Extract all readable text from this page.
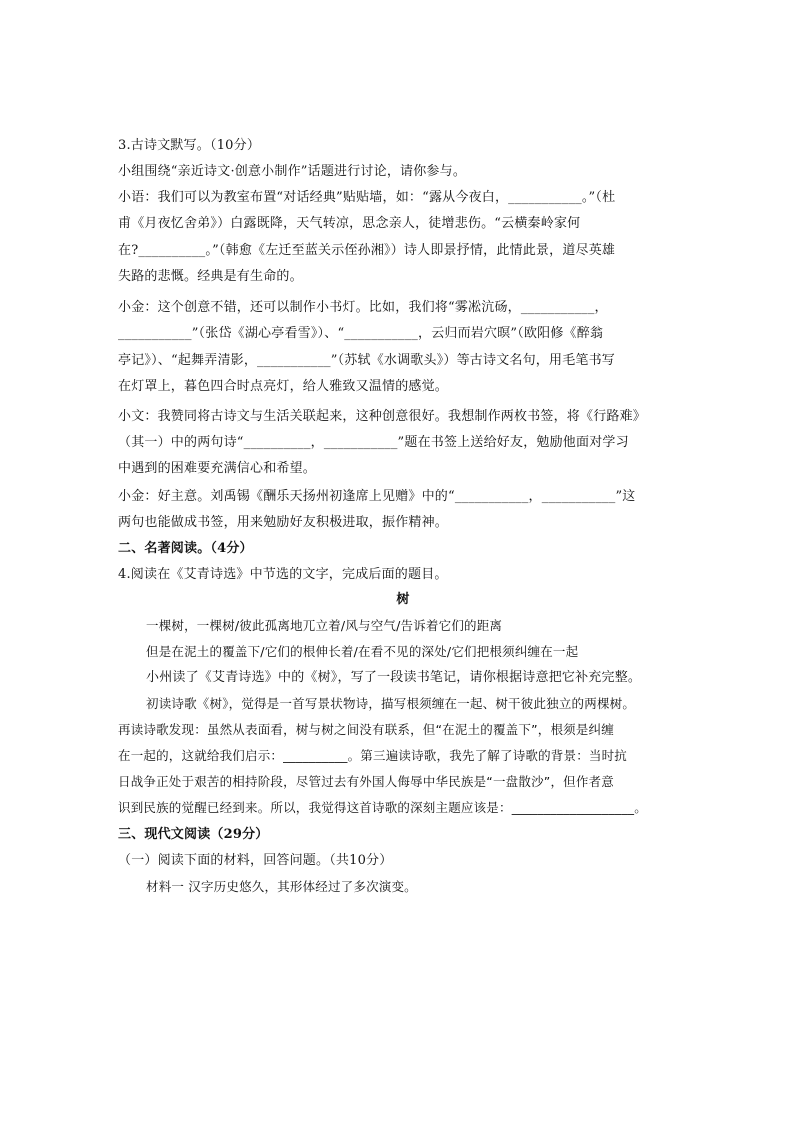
3.古诗文默写。（10分）
小组围绕“亲近诗文·创意小制作”话题进行讨论，请你参与。
小语：我们可以为教室布置“对话经典”贴贴墙，如：“露从今夜白，___________。”（杜
甫《月夜忆舍弟》）白露既降，天气转凉，思念亲人，徒增悲伤。“云横秦岭家何
在?__________。”（韩愈《左迁至蓝关示侄孙湘》）诗人即景抒情，此情此景，道尽英雄
失路的悲慨。经典是有生命的。
小金：这个创意不错，还可以制作小书灯。比如，我们将“雾凇沆砀，___________，
___________”（张岱《湖心亭看雪》）、“___________，云归而岩穴暝”（欧阳修《醉翁
亭记》）、“起舞弄清影，___________”（苏轼《水调歌头》）等古诗文名句，用毛笔书写
在灯罩上，暮色四合时点亮灯，给人雅致又温情的感觉。
小文：我赞同将古诗文与生活关联起来，这种创意很好。我想制作两枚书签，将《行路难》
（其一）中的两句诗“__________，___________”题在书签上送给好友，勉励他面对学习
中遇到的困难要充满信心和希望。
小金：好主意。刘禹锡《酬乐天扬州初逢席上见赠》中的“___________，___________”这
两句也能做成书签，用来勉励好友积极进取，振作精神。
二、名著阅读。（4分）
4.阅读在《艾青诗选》中节选的文字，完成后面的题目。
树
一棵树，一棵树/彼此孤离地兀立着/风与空气/告诉着它们的距离
但是在泥土的覆盖下/它们的根伸长着/在看不见的深处/它们把根须纠缠在一起
小州读了《艾青诗选》中的《树》，写了一段读书笔记，请你根据诗意把它补充完整。
初读诗歌《树》，觉得是一首写景状物诗，描写根须缠在一起、树干彼此独立的两棵树。
再读诗歌发现：虽然从表面看，树与树之间没有联系，但“在泥土的覆盖下”，根须是纠缠
在一起的，这就给我们启示：__________。第三遍读诗歌，我先了解了诗歌的背景：当时抗
日战争正处于艰苦的相持阶段，尽管过去有外国人侮辱中华民族是“一盘散沙”，但作者意
识到民族的觉醒已经到来。所以，我觉得这首诗歌的深刻主题应该是：___________________。
三、现代文阅读（29分）
（一）阅读下面的材料，回答问题。（共10分）
材料一 汉字历史悠久，其形体经过了多次演变。
